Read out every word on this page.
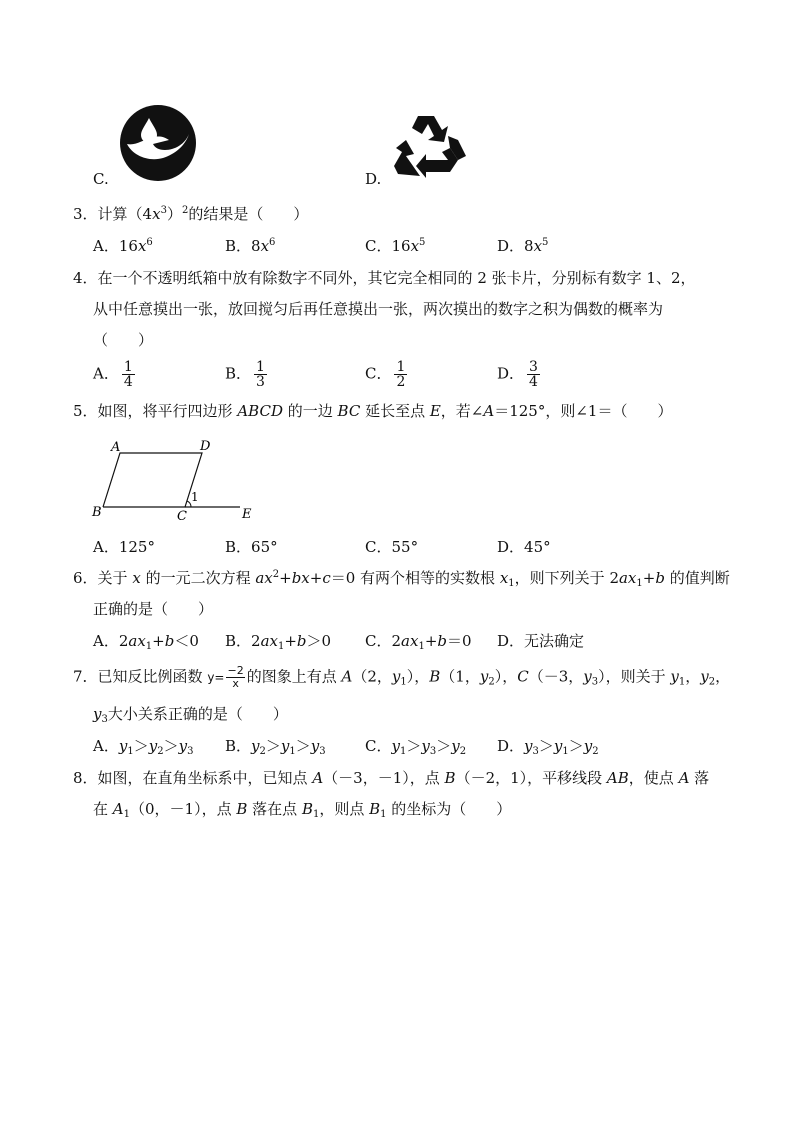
C.	D.
3．计算$(4x^3)^2$的结果是（　　）
A．$16x^6$	B．$8x^6$	C．$16x^5$	D．$8x^5$
4．在一个不透明纸箱中放有除数字不同外，其它完全相同的 2 张卡片，分别标有数字 1、2，
从中任意摸出一张，放回搅匀后再任意摸出一张，两次摸出的数字之积为偶数的概率为
（　　）
A． $\frac{1}{4}$	B． $\frac{1}{3}$	C． $\frac{1}{2}$	D． $\frac{3}{4}$
5．如图，将平行四边形 ABCD 的一边 BC 延长至点 E，若∠A＝125°，则∠1＝（　　）
A	D
B	C	E
1
A．125°	B．65°	C．55°	D．45°
6．关于 x 的一元二次方程 $ax^2+bx+c=0$ 有两个相等的实数根 $x_1$，则下列关于 $2ax_1+b$ 的值判断
正确的是（　　）
A．$2ax_1+b<0$ B．$2ax_1+b>0$ C．$2ax_1+b=0$ D．无法确定
7．已知反比例函数 $y= \frac{-2}{x}$ 的图象上有点 A（2，$y_1$），B（1，$y_2$），C（－3，$y_3$），则关于 $y_1$，$y_2$，
$y_3$大小关系正确的是（　　）
A．$y_1>y_2>y_3$ B．$y_2>y_1>y_3$	C．$y_1>y_3>y_2$ D．$y_3>y_1>y_2$
8．如图，在直角坐标系中，已知点 A（－3，－1），点 B（－2，1），平移线段 AB，使点 A 落
在 $A_1(0$，－1），点 B 落在点 $B_1$，则点 $B_1$ 的坐标为（　　）
